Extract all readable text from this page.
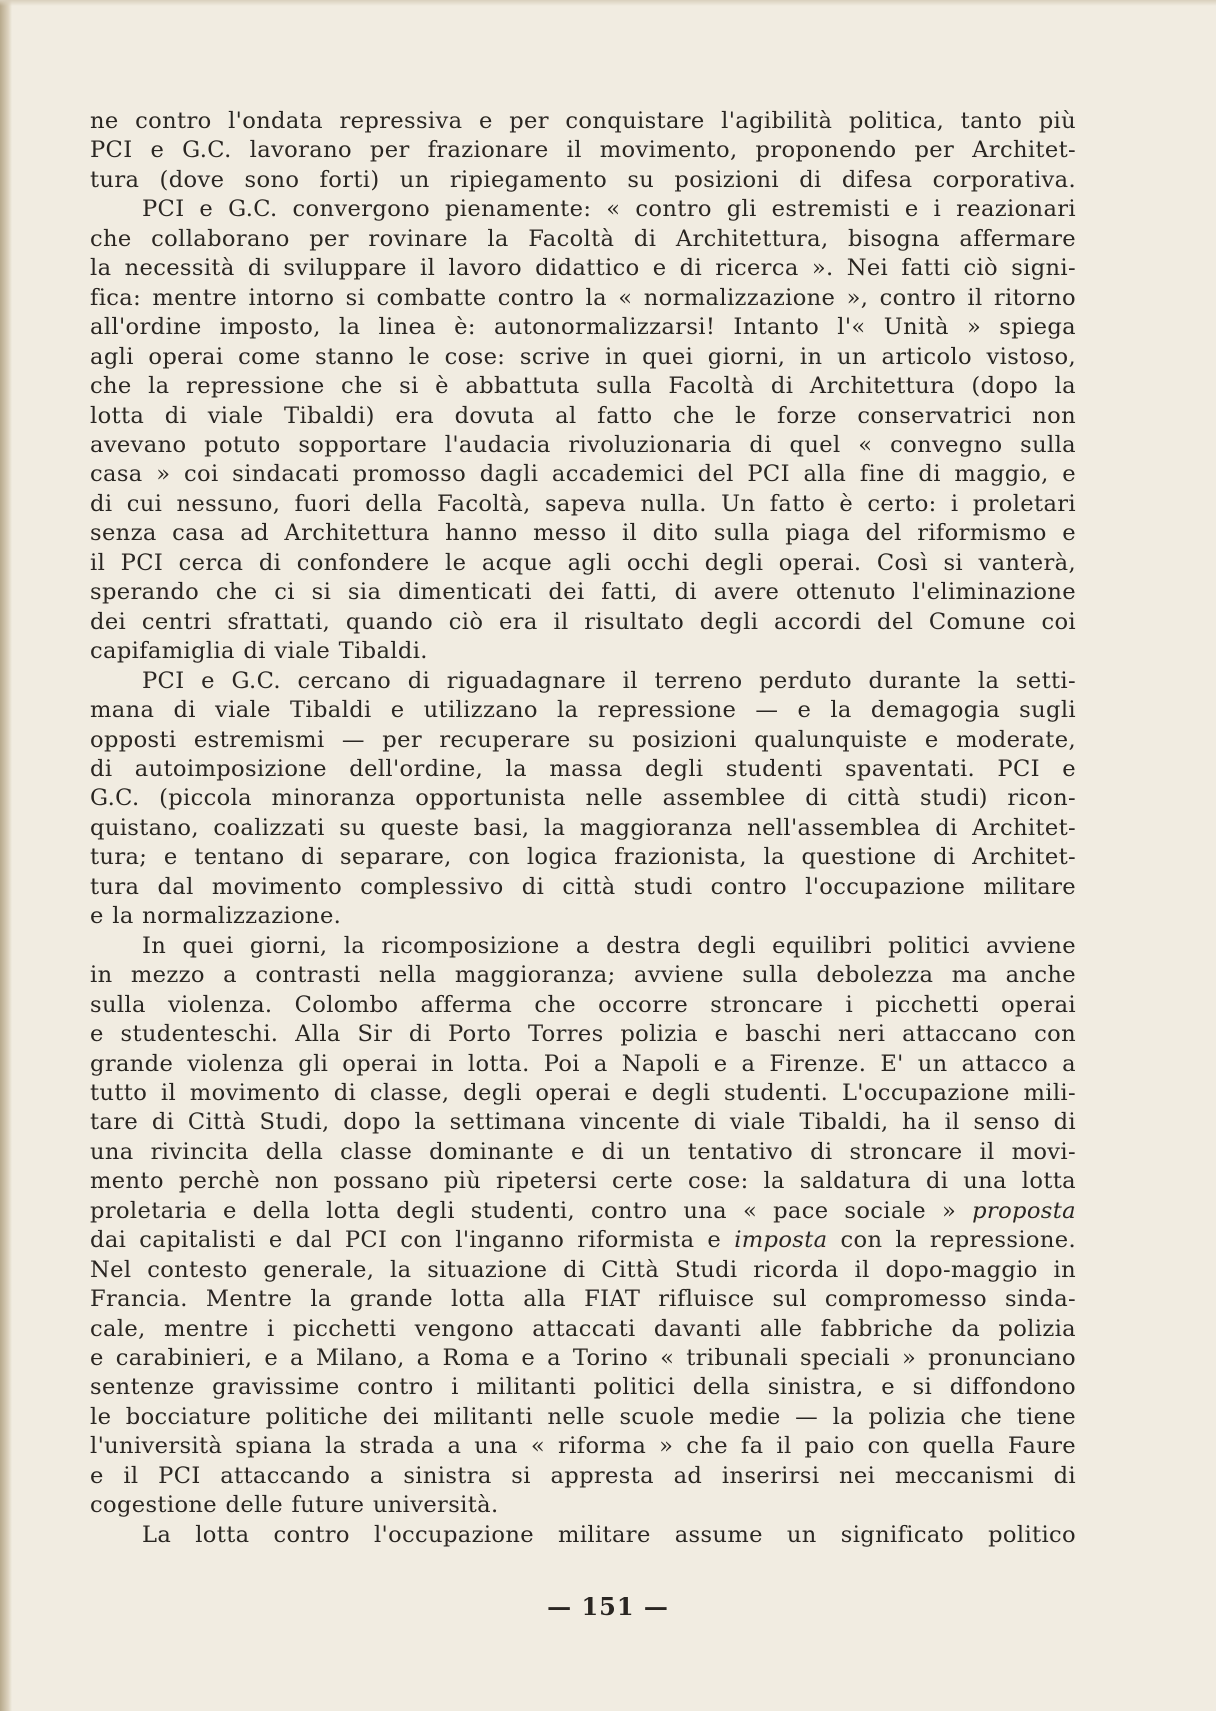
ne contro l'ondata repressiva e per conquistare l'agibilità politica, tanto più
PCI e G.C. lavorano per frazionare il movimento, proponendo per Architet-
tura (dove sono forti) un ripiegamento su posizioni di difesa corporativa.
PCI e G.C. convergono pienamente: « contro gli estremisti e i reazionari
che collaborano per rovinare la Facoltà di Architettura, bisogna affermare
la necessità di sviluppare il lavoro didattico e di ricerca ». Nei fatti ciò signi-
fica: mentre intorno si combatte contro la « normalizzazione », contro il ritorno
all'ordine imposto, la linea è: autonormalizzarsi! Intanto l'« Unità » spiega
agli operai come stanno le cose: scrive in quei giorni, in un articolo vistoso,
che la repressione che si è abbattuta sulla Facoltà di Architettura (dopo la
lotta di viale Tibaldi) era dovuta al fatto che le forze conservatrici non
avevano potuto sopportare l'audacia rivoluzionaria di quel « convegno sulla
casa » coi sindacati promosso dagli accademici del PCI alla fine di maggio, e
di cui nessuno, fuori della Facoltà, sapeva nulla. Un fatto è certo: i proletari
senza casa ad Architettura hanno messo il dito sulla piaga del riformismo e
il PCI cerca di confondere le acque agli occhi degli operai. Così si vanterà,
sperando che ci si sia dimenticati dei fatti, di avere ottenuto l'eliminazione
dei centri sfrattati, quando ciò era il risultato degli accordi del Comune coi
capifamiglia di viale Tibaldi.
PCI e G.C. cercano di riguadagnare il terreno perduto durante la setti-
mana di viale Tibaldi e utilizzano la repressione — e la demagogia sugli
opposti estremismi — per recuperare su posizioni qualunquiste e moderate,
di autoimposizione dell'ordine, la massa degli studenti spaventati. PCI e
G.C. (piccola minoranza opportunista nelle assemblee di città studi) ricon-
quistano, coalizzati su queste basi, la maggioranza nell'assemblea di Architet-
tura; e tentano di separare, con logica frazionista, la questione di Architet-
tura dal movimento complessivo di città studi contro l'occupazione militare
e la normalizzazione.
In quei giorni, la ricomposizione a destra degli equilibri politici avviene
in mezzo a contrasti nella maggioranza; avviene sulla debolezza ma anche
sulla violenza. Colombo afferma che occorre stroncare i picchetti operai
e studenteschi. Alla Sir di Porto Torres polizia e baschi neri attaccano con
grande violenza gli operai in lotta. Poi a Napoli e a Firenze. E' un attacco a
tutto il movimento di classe, degli operai e degli studenti. L'occupazione mili-
tare di Città Studi, dopo la settimana vincente di viale Tibaldi, ha il senso di
una rivincita della classe dominante e di un tentativo di stroncare il movi-
mento perchè non possano più ripetersi certe cose: la saldatura di una lotta
proletaria e della lotta degli studenti, contro una « pace sociale » proposta
dai capitalisti e dal PCI con l'inganno riformista e imposta con la repressione.
Nel contesto generale, la situazione di Città Studi ricorda il dopo-maggio in
Francia. Mentre la grande lotta alla FIAT rifluisce sul compromesso sinda-
cale, mentre i picchetti vengono attaccati davanti alle fabbriche da polizia
e carabinieri, e a Milano, a Roma e a Torino « tribunali speciali » pronunciano
sentenze gravissime contro i militanti politici della sinistra, e si diffondono
le bocciature politiche dei militanti nelle scuole medie — la polizia che tiene
l'università spiana la strada a una « riforma » che fa il paio con quella Faure
e il PCI attaccando a sinistra si appresta ad inserirsi nei meccanismi di
cogestione delle future università.
La lotta contro l'occupazione militare assume un significato politico
— 151 —
